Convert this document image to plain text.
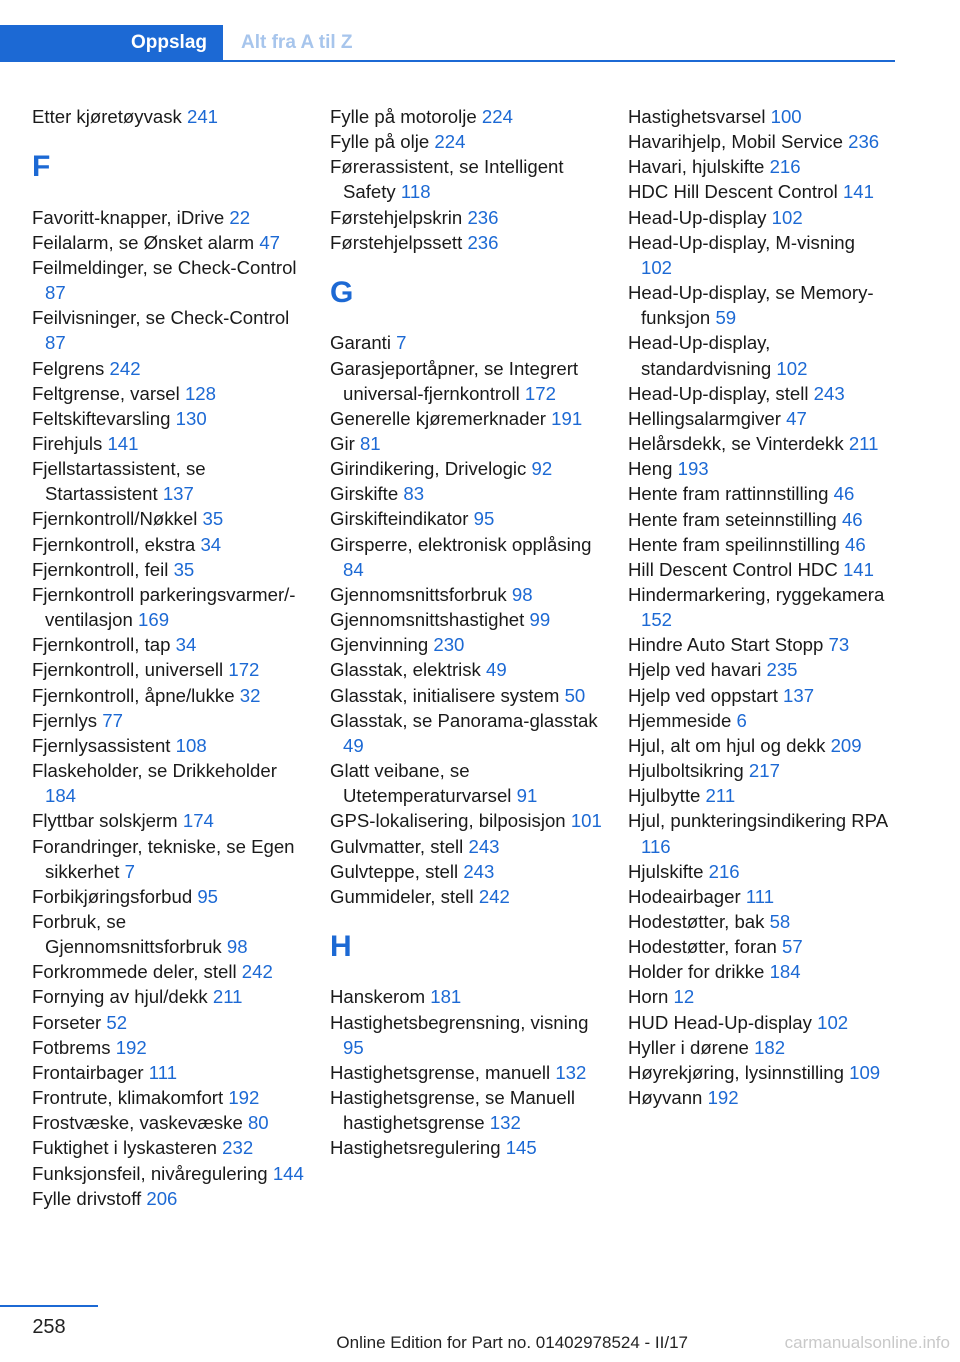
Oppslag	Alt fra A til Z
Etter kjøretøyvask 241
F
Favoritt-knapper, iDrive 22
Feilalarm, se Ønsket alarm 47
Feilmeldinger, se Check-Control 87
Feilvisninger, se Check-Control 87
Felgrens 242
Feltgrense, varsel 128
Feltskiftevarsling 130
Firehjuls 141
Fjellstartassistent, se Startassistent 137
Fjernkontroll/Nøkkel 35
Fjernkontroll, ekstra 34
Fjernkontroll, feil 35
Fjernkontroll parkeringsvarmer/-ventilasjon 169
Fjernkontroll, tap 34
Fjernkontroll, universell 172
Fjernkontroll, åpne/lukke 32
Fjernlys 77
Fjernlysassistent 108
Flaskeholder, se Drikkeholder 184
Flyttbar solskjerm 174
Forandringer, tekniske, se Egen sikkerhet 7
Forbikjøringsforbud 95
Forbruk, se Gjennomsnittsforbruk 98
Forkrommede deler, stell 242
Fornying av hjul/dekk 211
Forseter 52
Fotbrems 192
Frontairbager 111
Frontrute, klimakomfort 192
Frostvæske, vaskevæske 80
Fuktighet i lyskasteren 232
Funksjonsfeil, nivåregulering 144
Fylle drivstoff 206
Fylle på motorolje 224
Fylle på olje 224
Førerassistent, se Intelligent Safety 118
Førstehjelpskrin 236
Førstehjelpssett 236
G
Garanti 7
Garasjeportåpner, se Integrert universal-fjernkontroll 172
Generelle kjøremerknader 191
Gir 81
Girindikering, Drivelogic 92
Girskifte 83
Girskifteindikator 95
Girsperre, elektronisk opplåsing 84
Gjennomsnittsforbruk 98
Gjennomsnittshastighet 99
Gjenvinning 230
Glasstak, elektrisk 49
Glasstak, initialisere system 50
Glasstak, se Panorama-glasstak 49
Glatt veibane, se Utetemperaturvarsel 91
GPS-lokalisering, bilposisjon 101
Gulvmatter, stell 243
Gulvteppe, stell 243
Gummideler, stell 242
H
Hanskerom 181
Hastighetsbegrensning, visning 95
Hastighetsgrense, manuell 132
Hastighetsgrense, se Manuell hastighetsgrense 132
Hastighetsregulering 145
Hastighetsvarsel 100
Havarihjelp, Mobil Service 236
Havari, hjulskifte 216
HDC Hill Descent Control 141
Head-Up-display 102
Head-Up-display, M-visning 102
Head-Up-display, se Memory-funksjon 59
Head-Up-display, standardvisning 102
Head-Up-display, stell 243
Hellingsalarmgiver 47
Helårsdekk, se Vinterdekk 211
Heng 193
Hente fram rattinnstilling 46
Hente fram seteinnstilling 46
Hente fram speilinnstilling 46
Hill Descent Control HDC 141
Hindermarkering, ryggekamera 152
Hindre Auto Start Stopp 73
Hjelp ved havari 235
Hjelp ved oppstart 137
Hjemmeside 6
Hjul, alt om hjul og dekk 209
Hjulboltsikring 217
Hjulbytte 211
Hjul, punkteringsindikering RPA 116
Hjulskifte 216
Hodeairbager 111
Hodestøtter, bak 58
Hodestøtter, foran 57
Holder for drikke 184
Horn 12
HUD Head-Up-display 102
Hyller i dørene 182
Høyrekjøring, lysinnstilling 109
Høyvann 192
258
Online Edition for Part no. 01402978524 - II/17	carmanualsonline.info
